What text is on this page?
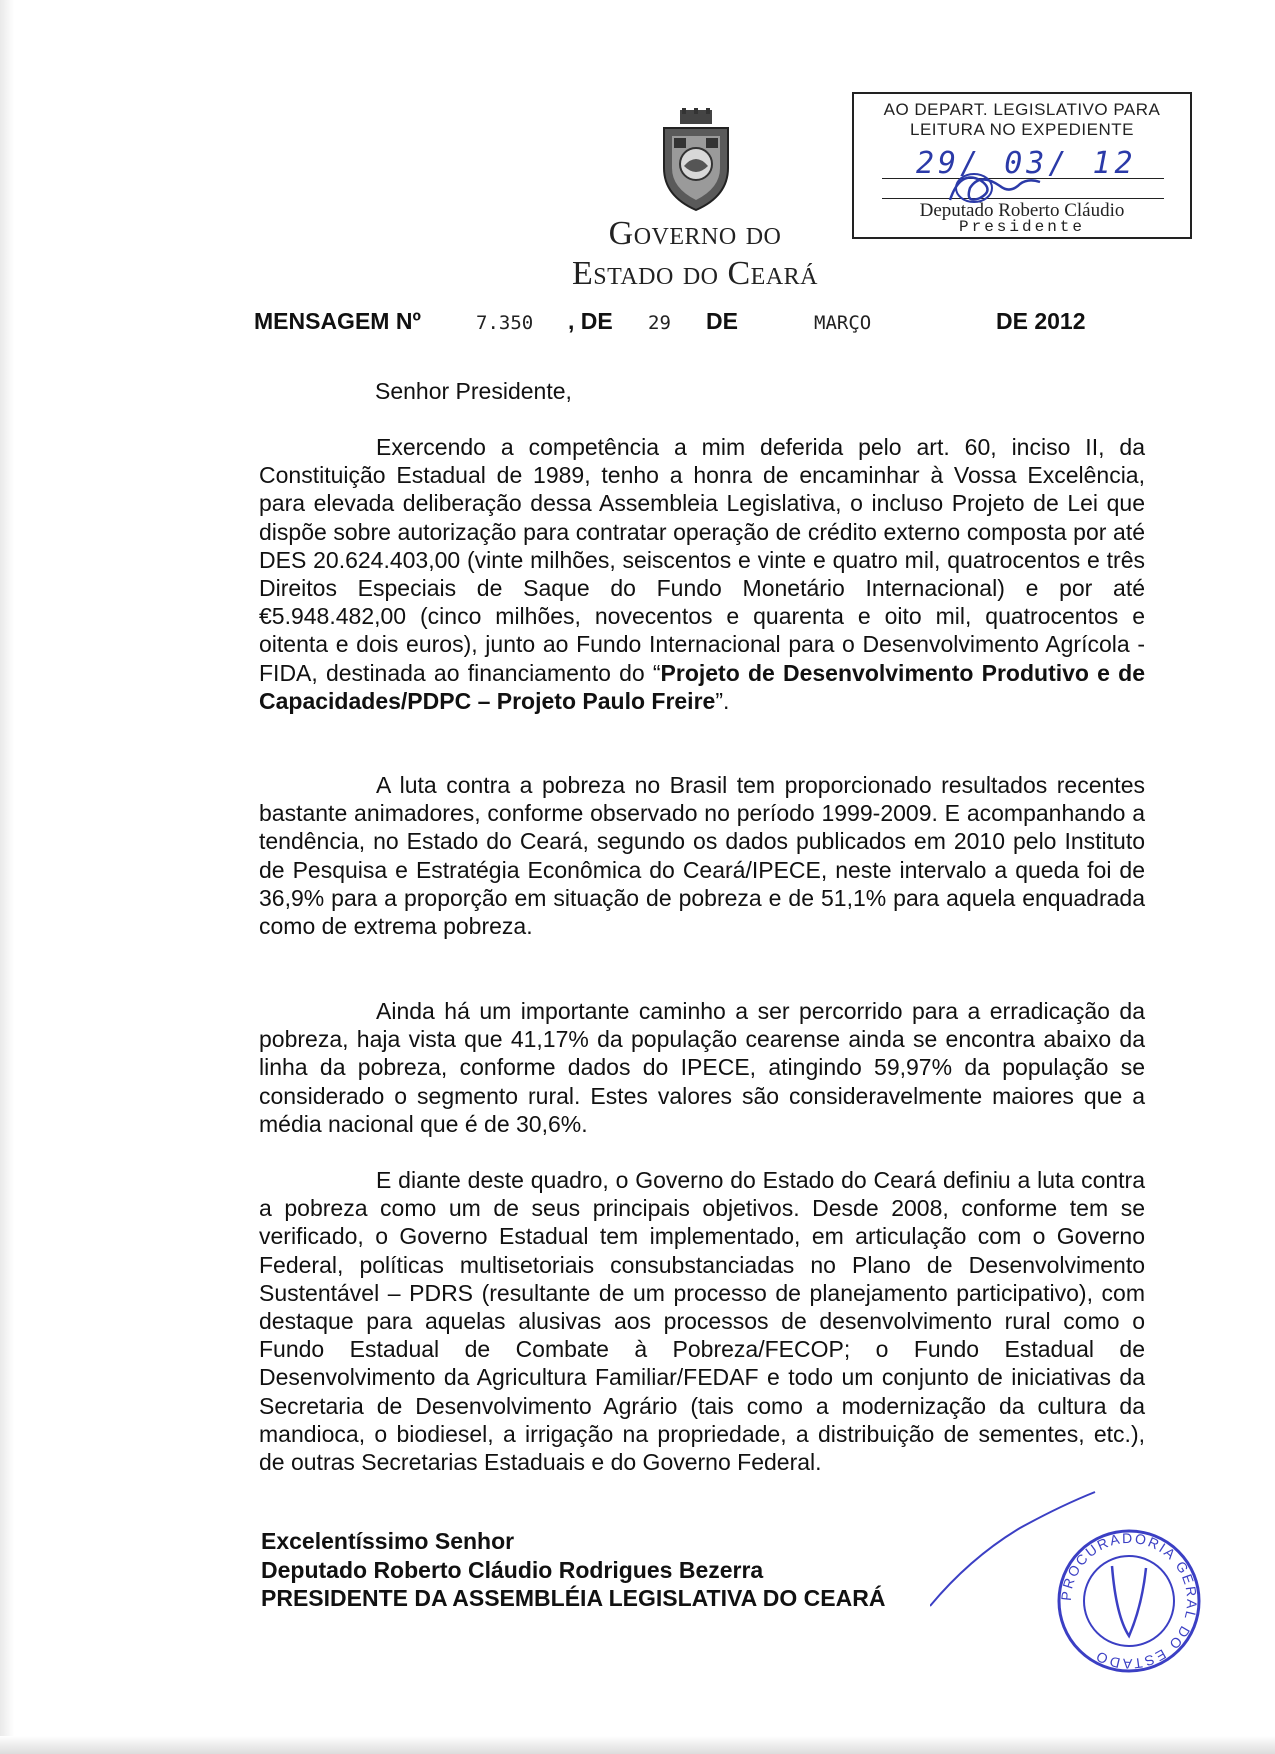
Governo do
Estado do Ceará
AO DEPART. LEGISLATIVO PARA
LEITURA NO EXPEDIENTE
29/ 03/ 12
Deputado Roberto Cláudio
Presidente
MENSAGEM Nº	7.350 , DE 29 DE	MARÇO	DE 2012
Senhor Presidente,

Exercendo a competência a mim deferida pelo art. 60, inciso II, da Constituição Estadual de 1989, tenho a honra de encaminhar à Vossa Excelência, para elevada deliberação dessa Assembleia Legislativa, o incluso Projeto de Lei que dispõe sobre autorização para contratar operação de crédito externo composta por até DES 20.624.403,00 (vinte milhões, seiscentos e vinte e quatro mil, quatrocentos e três Direitos Especiais de Saque do Fundo Monetário Internacional) e por até €5.948.482,00 (cinco milhões, novecentos e quarenta e oito mil, quatrocentos e oitenta e dois euros), junto ao Fundo Internacional para o Desenvolvimento Agrícola - FIDA, destinada ao financiamento do “Projeto de Desenvolvimento Produtivo e de Capacidades/PDPC – Projeto Paulo Freire”.

A luta contra a pobreza no Brasil tem proporcionado resultados recentes bastante animadores, conforme observado no período 1999-2009. E acompanhando a tendência, no Estado do Ceará, segundo os dados publicados em 2010 pelo Instituto de Pesquisa e Estratégia Econômica do Ceará/IPECE, neste intervalo a queda foi de 36,9% para a proporção em situação de pobreza e de 51,1% para aquela enquadrada como de extrema pobreza.

Ainda há um importante caminho a ser percorrido para a erradicação da pobreza, haja vista que 41,17% da população cearense ainda se encontra abaixo da linha da pobreza, conforme dados do IPECE, atingindo 59,97% da população se considerado o segmento rural. Estes valores são consideravelmente maiores que a média nacional que é de 30,6%.

E diante deste quadro, o Governo do Estado do Ceará definiu a luta contra a pobreza como um de seus principais objetivos. Desde 2008, conforme tem se verificado, o Governo Estadual tem implementado, em articulação com o Governo Federal, políticas multisetoriais consubstanciadas no Plano de Desenvolvimento Sustentável – PDRS (resultante de um processo de planejamento participativo), com destaque para aquelas alusivas aos processos de desenvolvimento rural como o Fundo Estadual de Combate à Pobreza/FECOP; o Fundo Estadual de Desenvolvimento da Agricultura Familiar/FEDAF e todo um conjunto de iniciativas da Secretaria de Desenvolvimento Agrário (tais como a modernização da cultura da mandioca, o biodiesel, a irrigação na propriedade, a distribuição de sementes, etc.), de outras Secretarias Estaduais e do Governo Federal.

Excelentíssimo Senhor
Deputado Roberto Cláudio Rodrigues Bezerra
PRESIDENTE DA ASSEMBLÉIA LEGISLATIVA DO CEARÁ	PROCURADORIA GERAL DO ESTADO
